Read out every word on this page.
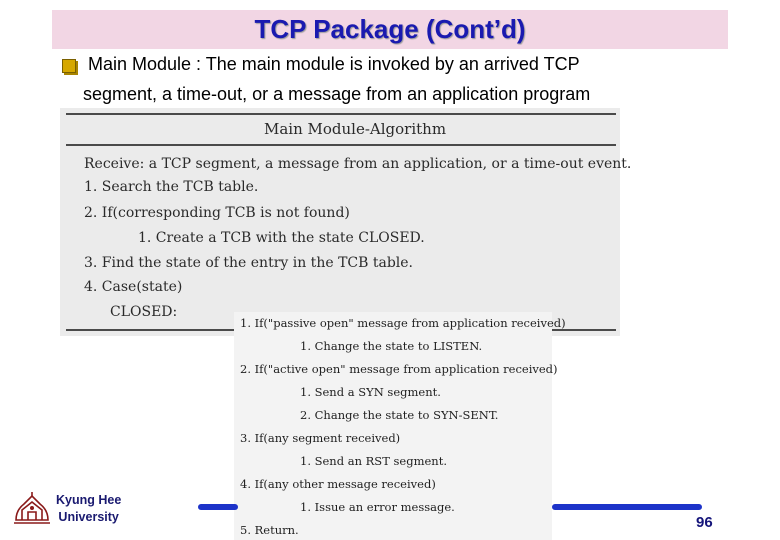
TCP Package (Cont’d)
Main Module : The main module is invoked by an arrived TCP
segment, a time-out, or a message from an application program
Main Module-Algorithm
Receive: a TCP segment, a message from an application, or a time-out event.
1. Search the TCB table.
2. If(corresponding TCB is not found)
1. Create a TCB with the state CLOSED.
3. Find the state of the entry in the TCB table.
4. Case(state)
CLOSED:
1. If("passive open" message from application received)
1. Change the state to LISTEN.
2. If("active open" message from application received)
1. Send a SYN segment.
2. Change the state to SYN-SENT.
3. If(any segment received)
1. Send an RST segment.
4. If(any other message received)
1. Issue an error message.
5. Return.
Kyung Hee
University	96
